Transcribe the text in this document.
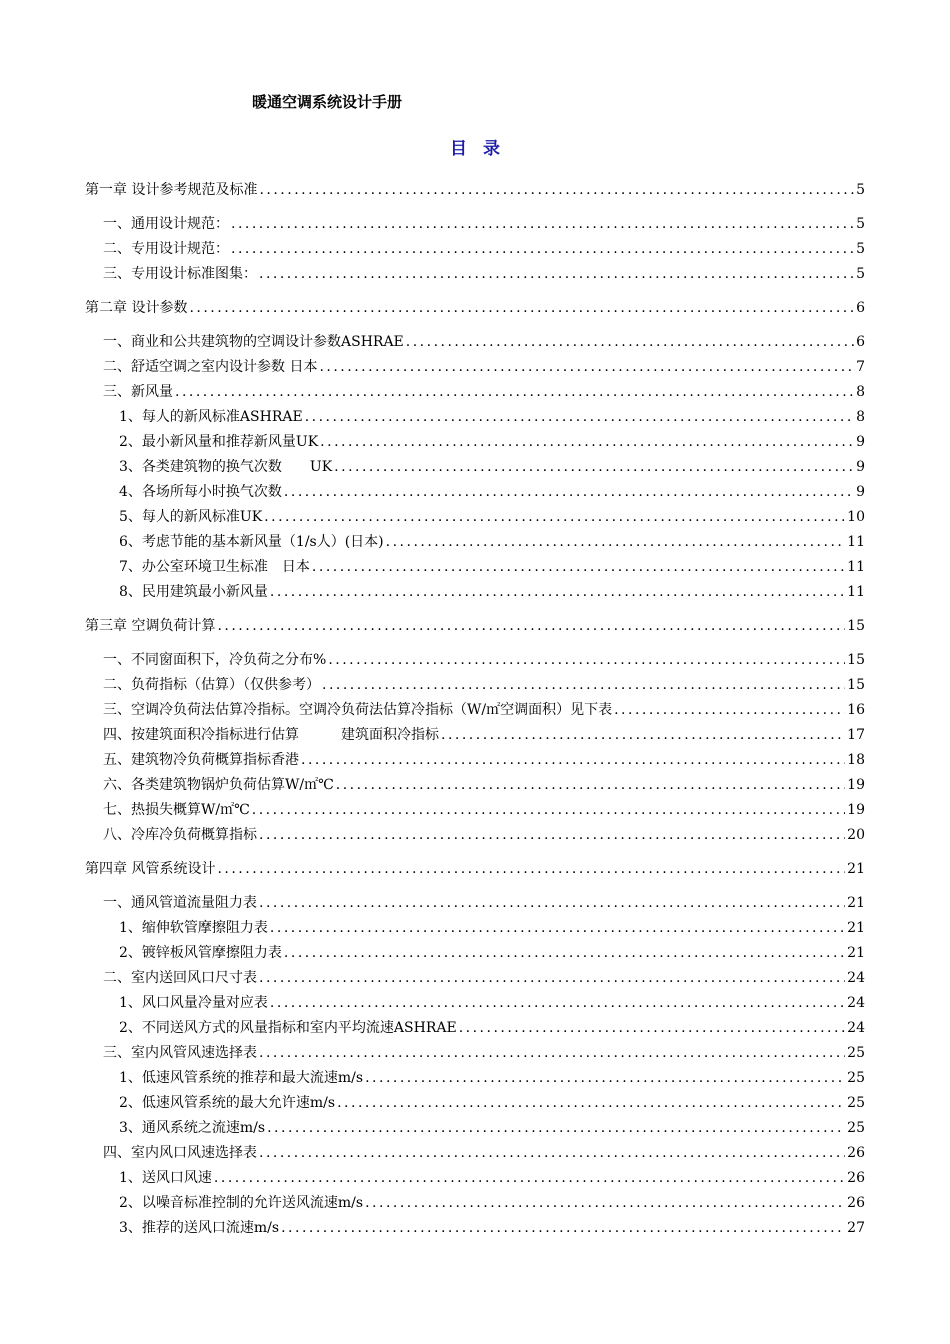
暖通空调系统设计手册
目 录
第一章 设计参考规范及标准 .....	5
一、通用设计规范： .....	5
二、专用设计规范： .....	5
三、专用设计标准图集： .....	5
第二章 设计参数 .....	6
一、商业和公共建筑物的空调设计参数ASHRAE .....	6
二、舒适空调之室内设计参数 日本 .....	7
三、新风量 .....	8
1、每人的新风标准ASHRAE .....	8
2、最小新风量和推荐新风量UK .....	9
3、各类建筑物的换气次数　　UK .....	9
4、各场所每小时换气次数 .....	9
5、每人的新风标准UK .....	10
6、考虑节能的基本新风量（1/s人）(日本) .....	11
7、办公室环境卫生标准　日本 .....	11
8、民用建筑最小新风量 .....	11
第三章 空调负荷计算 .....	15
一、不同窗面积下，冷负荷之分布% .....	15
二、负荷指标（估算）（仅供参考） .....	15
三、空调冷负荷法估算冷指标。空调冷负荷法估算冷指标（W/㎡空调面积）见下表 .....	16
四、按建筑面积冷指标进行估算　　　建筑面积冷指标 .....	17
五、建筑物冷负荷概算指标香港 .....	18
六、各类建筑物锅炉负荷估算W/㎡℃ .....	19
七、热损失概算W/㎡℃ .....	19
八、冷库冷负荷概算指标 .....	20
第四章 风管系统设计 .....	21
一、通风管道流量阻力表 .....	21
1、缩伸软管摩擦阻力表 .....	21
2、镀锌板风管摩擦阻力表 .....	21
二、室内送回风口尺寸表 .....	24
1、风口风量冷量对应表 .....	24
2、不同送风方式的风量指标和室内平均流速ASHRAE .....	24
三、室内风管风速选择表 .....	25
1、低速风管系统的推荐和最大流速m/s .....	25
2、低速风管系统的最大允许速m/s .....	25
3、通风系统之流速m/s .....	25
四、室内风口风速选择表 .....	26
1、送风口风速 .....	26
2、以噪音标准控制的允许送风流速m/s .....	26
3、推荐的送风口流速m/s .....	27
